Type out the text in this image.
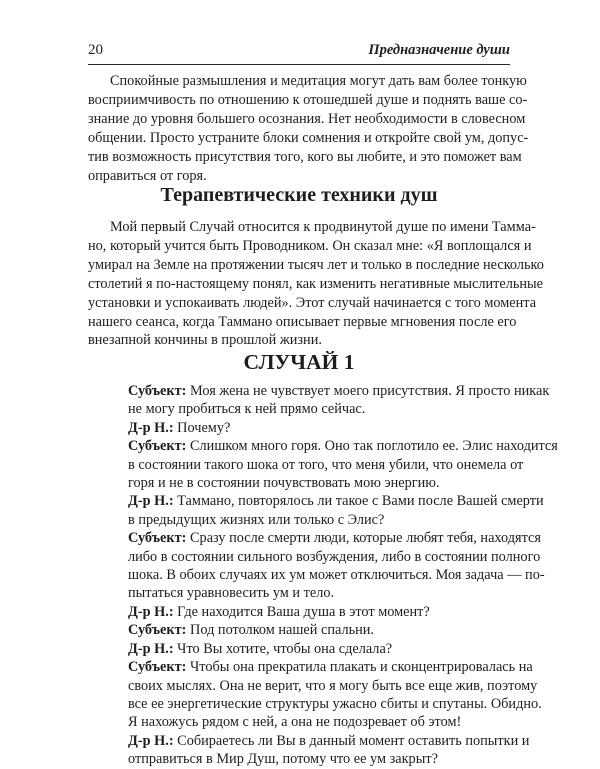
20	Предназначение души

Спокойные размышления и медитация могут дать вам более тонкую
восприимчивость по отношению к отошедшей душе и поднять ваше со-
знание до уровня большего осознания. Нет необходимости в словесном
общении. Просто устраните блоки сомнения и откройте свой ум, допус-
тив возможность присутствия того, кого вы любите, и это поможет вам
оправиться от горя.

Терапевтические техники душ

Мой первый Случай относится к продвинутой душе по имени Таммa-
но, который учится быть Проводником. Он сказал мне: «Я воплощался и
умирал на Земле на протяжении тысяч лет и только в последние несколько
столетий я по-настоящему понял, как изменить негативные мыслительные
установки и успокаивать людей». Этот случай начинается с того момента
нашего сеанса, когда Таммано описывает первые мгновения после его
внезапной кончины в прошлой жизни.

СЛУЧАЙ 1
Субъект: Моя жена не чувствует моего присутствия. Я просто никак
не могу пробиться к ней прямо сейчас.
Д-р Н.: Почему?
Субъект: Слишком много горя. Оно так поглотило ее. Элис находится
в состоянии такого шока от того, что меня убили, что онемела от
горя и не в состоянии почувствовать мою энергию.
Д-р Н.: Таммано, повторялось ли такое с Вами после Вашей смерти
в предыдущих жизнях или только с Элис?
Субъект: Сразу после смерти люди, которые любят тебя, находятся
либо в состоянии сильного возбуждения, либо в состоянии полного
шока. В обоих случаях их ум может отключиться. Моя задача — по-
пытаться уравновесить ум и тело.
Д-р Н.: Где находится Ваша душа в этот момент?
Субъект: Под потолком нашей спальни.
Д-р Н.: Что Вы хотите, чтобы она сделала?
Субъект: Чтобы она прекратила плакать и сконцентрировалась на
своих мыслях. Она не верит, что я могу быть все еще жив, поэтому
все ее энергетические структуры ужасно сбиты и спутаны. Обидно.
Я нахожусь рядом с ней, а она не подозревает об этом!
Д-р Н.: Собираетесь ли Вы в данный момент оставить попытки и
отправиться в Мир Душ, потому что ее ум закрыт?
